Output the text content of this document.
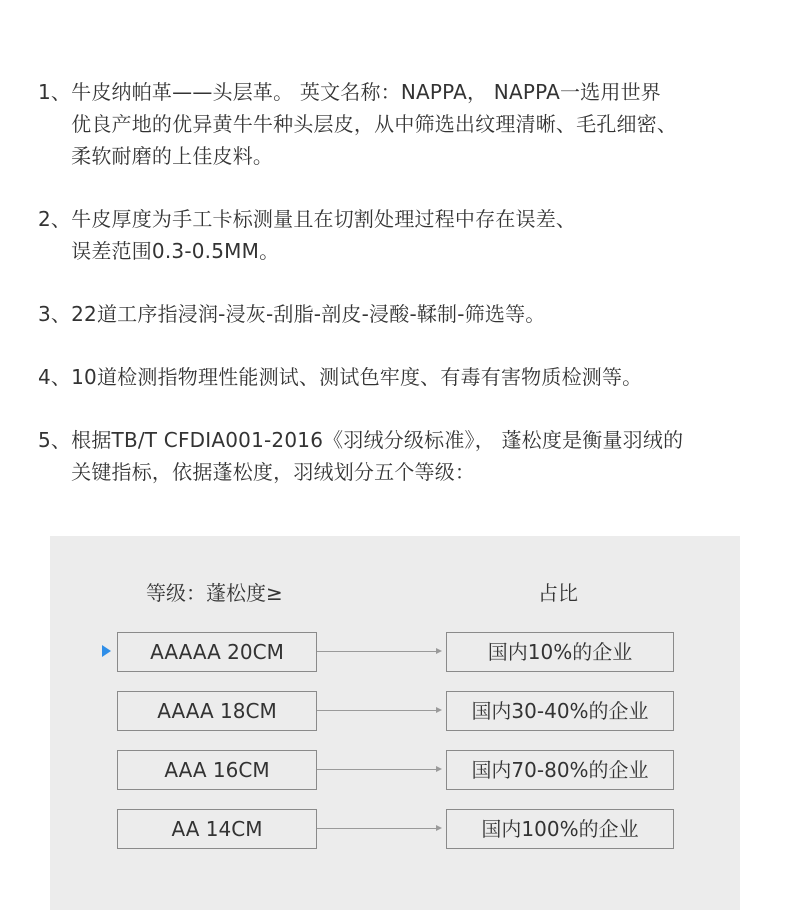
1、 牛皮纳帕革——头层革。 英文名称：NAPPA， NAPPA一选用世界
优良产地的优异黄牛牛种头层皮，从中筛选出纹理清晰、毛孔细密、
柔软耐磨的上佳皮料。
2、 牛皮厚度为手工卡标测量且在切割处理过程中存在误差、
误差范围0.3-0.5MM。
3、 22道工序指浸润-浸灰-刮脂-剖皮-浸酸-鞣制-筛选等。
4、 10道检测指物理性能测试、测试色牢度、有毒有害物质检测等。
5、 根据TB/T CFDIA001-2016《羽绒分级标准》， 蓬松度是衡量羽绒的
关键指标，依据蓬松度，羽绒划分五个等级：
等级：蓬松度≥	占比
AAAAA 20CM	国内10%的企业
AAAA 18CM	国内30-40%的企业
AAA 16CM	国内70-80%的企业
AA 14CM	国内100%的企业
